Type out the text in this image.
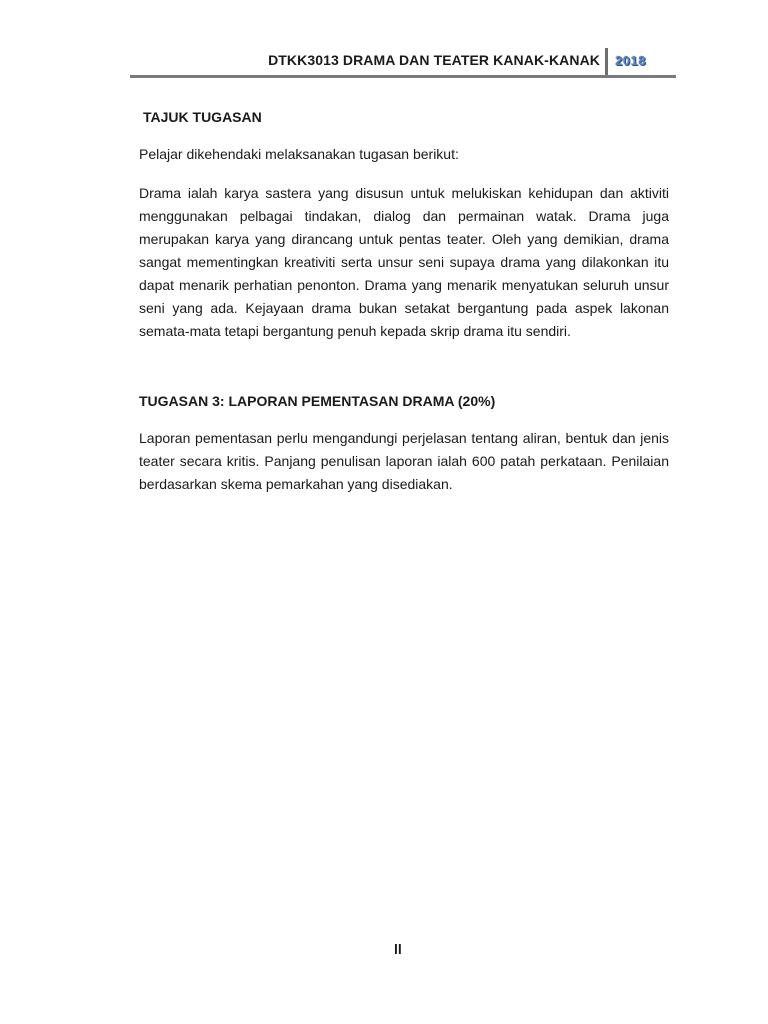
DTKK3013 DRAMA DAN TEATER KANAK-KANAK 2018
TAJUK TUGASAN

Pelajar dikehendaki melaksanakan tugasan berikut:

Drama ialah karya sastera yang disusun untuk melukiskan kehidupan dan aktiviti menggunakan pelbagai tindakan, dialog dan permainan watak. Drama juga merupakan karya yang dirancang untuk pentas teater. Oleh yang demikian, drama sangat mementingkan kreativiti serta unsur seni supaya drama yang dilakonkan itu dapat menarik perhatian penonton. Drama yang menarik menyatukan seluruh unsur seni yang ada. Kejayaan drama bukan setakat bergantung pada aspek lakonan semata-mata tetapi bergantung penuh kepada skrip drama itu sendiri.

TUGASAN 3: LAPORAN PEMENTASAN DRAMA (20%)

Laporan pementasan perlu mengandungi perjelasan tentang aliran, bentuk dan jenis teater secara kritis. Panjang penulisan laporan ialah 600 patah perkataan. Penilaian berdasarkan skema pemarkahan yang disediakan.

ll
